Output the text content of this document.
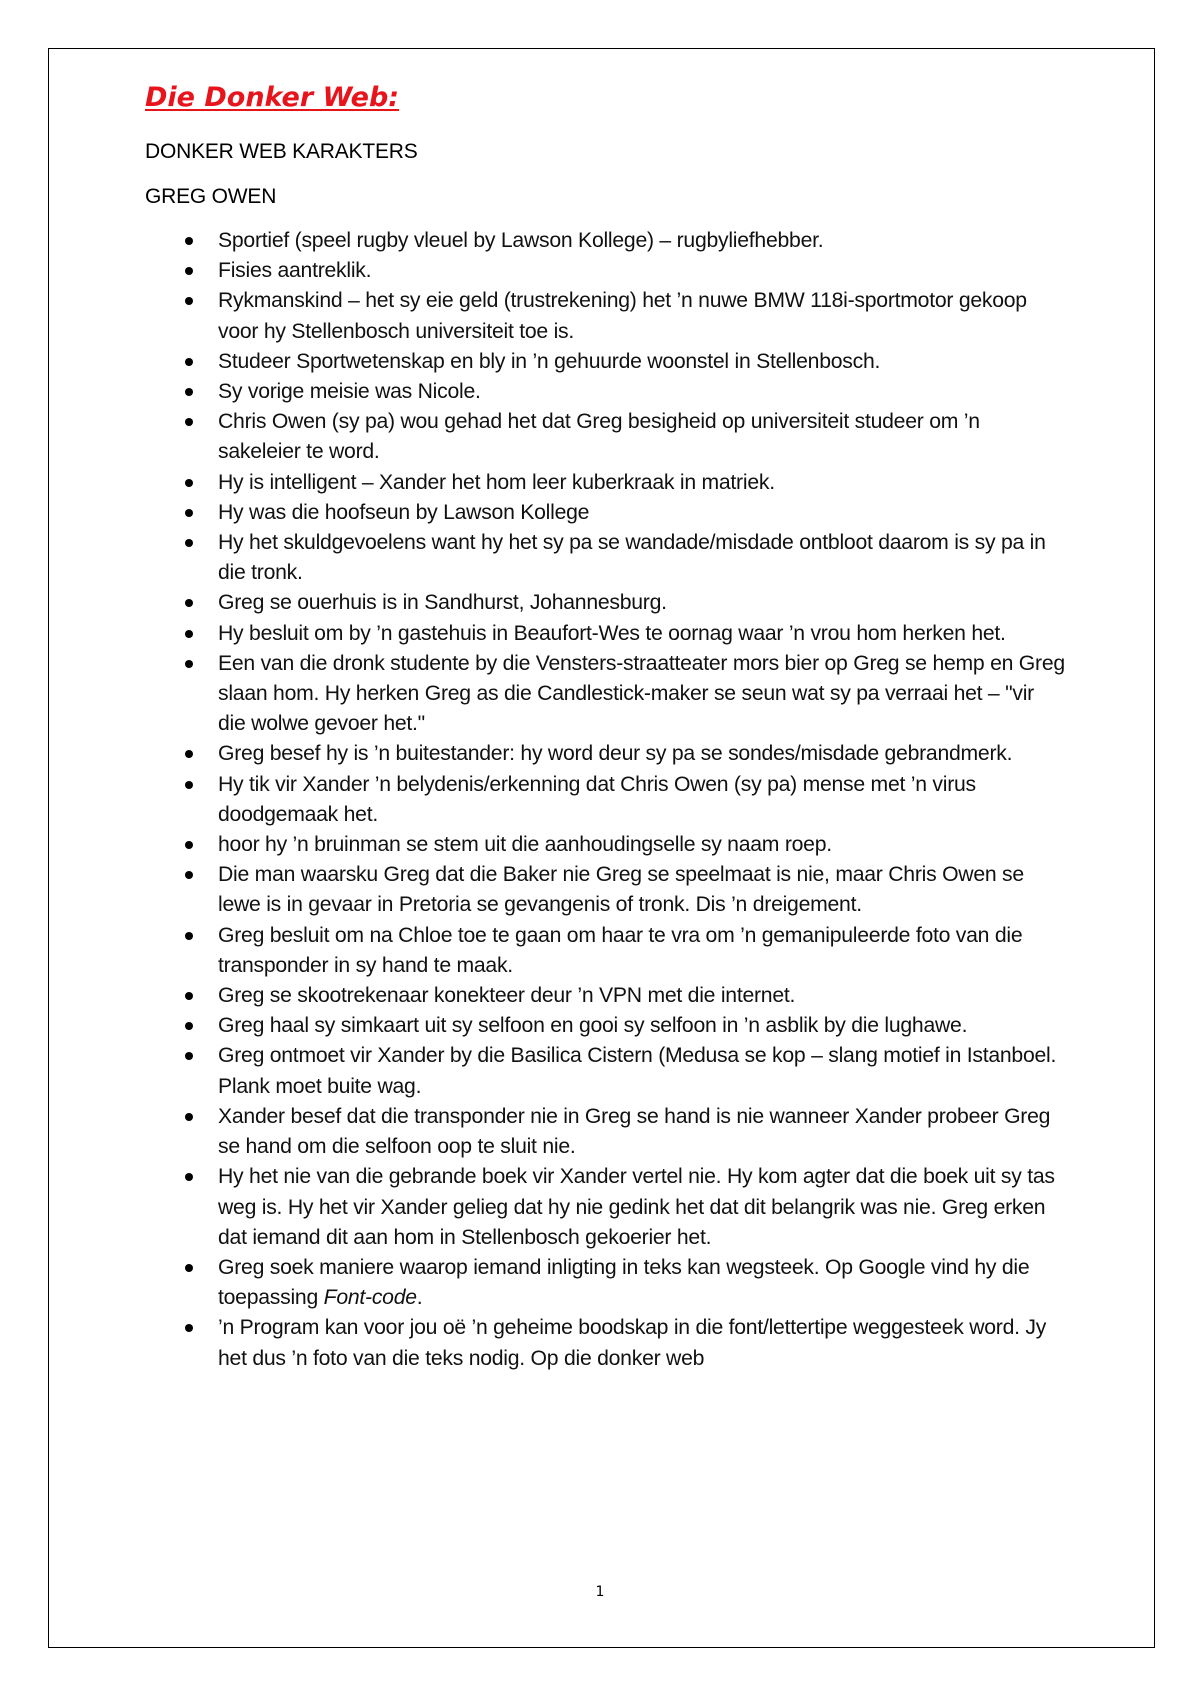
Die Donker Web:
DONKER WEB KARAKTERS
GREG OWEN
Sportief (speel rugby vleuel by Lawson Kollege) – rugbyliefhebber.
Fisies aantreklik.
Rykmanskind – het sy eie geld (trustrekening) het ’n nuwe BMW 118i-sportmotor gekoop voor hy Stellenbosch universiteit toe is.
Studeer Sportwetenskap en bly in ’n gehuurde woonstel in Stellenbosch.
Sy vorige meisie was Nicole.
Chris Owen (sy pa) wou gehad het dat Greg besigheid op universiteit studeer om ’n sakeleier te word.
Hy is intelligent – Xander het hom leer kuberkraak in matriek.
Hy was die hoofseun by Lawson Kollege
Hy het skuldgevoelens want hy het sy pa se wandade/misdade ontbloot daarom is sy pa in die tronk.
Greg se ouerhuis is in Sandhurst, Johannesburg.
Hy besluit om by ’n gastehuis in Beaufort-Wes te oornag waar ’n vrou hom herken het.
Een van die dronk studente by die Vensters-straatteater mors bier op Greg se hemp en Greg slaan hom. Hy herken Greg as die Candlestick-maker se seun wat sy pa verraai het – "vir die wolwe gevoer het."
Greg besef hy is ’n buitestander: hy word deur sy pa se sondes/misdade gebrandmerk.
Hy tik vir Xander ’n belydenis/erkenning dat Chris Owen (sy pa) mense met ’n virus doodgemaak het.
hoor hy ’n bruinman se stem uit die aanhoudingselle sy naam roep.
Die man waarsku Greg dat die Baker nie Greg se speelmaat is nie, maar Chris Owen se lewe is in gevaar in Pretoria se gevangenis of tronk. Dis ’n dreigement.
Greg besluit om na Chloe toe te gaan om haar te vra om ’n gemanipuleerde foto van die transponder in sy hand te maak.
Greg se skootrekenaar konekteer deur ’n VPN met die internet.
Greg haal sy simkaart uit sy selfoon en gooi sy selfoon in ’n asblik by die lughawe.
Greg ontmoet vir Xander by die Basilica Cistern (Medusa se kop – slang motief in Istanboel. Plank moet buite wag.
Xander besef dat die transponder nie in Greg se hand is nie wanneer Xander probeer Greg se hand om die selfoon oop te sluit nie.
Hy het nie van die gebrande boek vir Xander vertel nie. Hy kom agter dat die boek uit sy tas weg is. Hy het vir Xander gelieg dat hy nie gedink het dat dit belangrik was nie. Greg erken dat iemand dit aan hom in Stellenbosch gekoerier het.
Greg soek maniere waarop iemand inligting in teks kan wegsteek. Op Google vind hy die toepassing Font-code.
’n Program kan voor jou oë ’n geheime boodskap in die font/lettertipe weggesteek word. Jy het dus ’n foto van die teks nodig. Op die donker web
1
